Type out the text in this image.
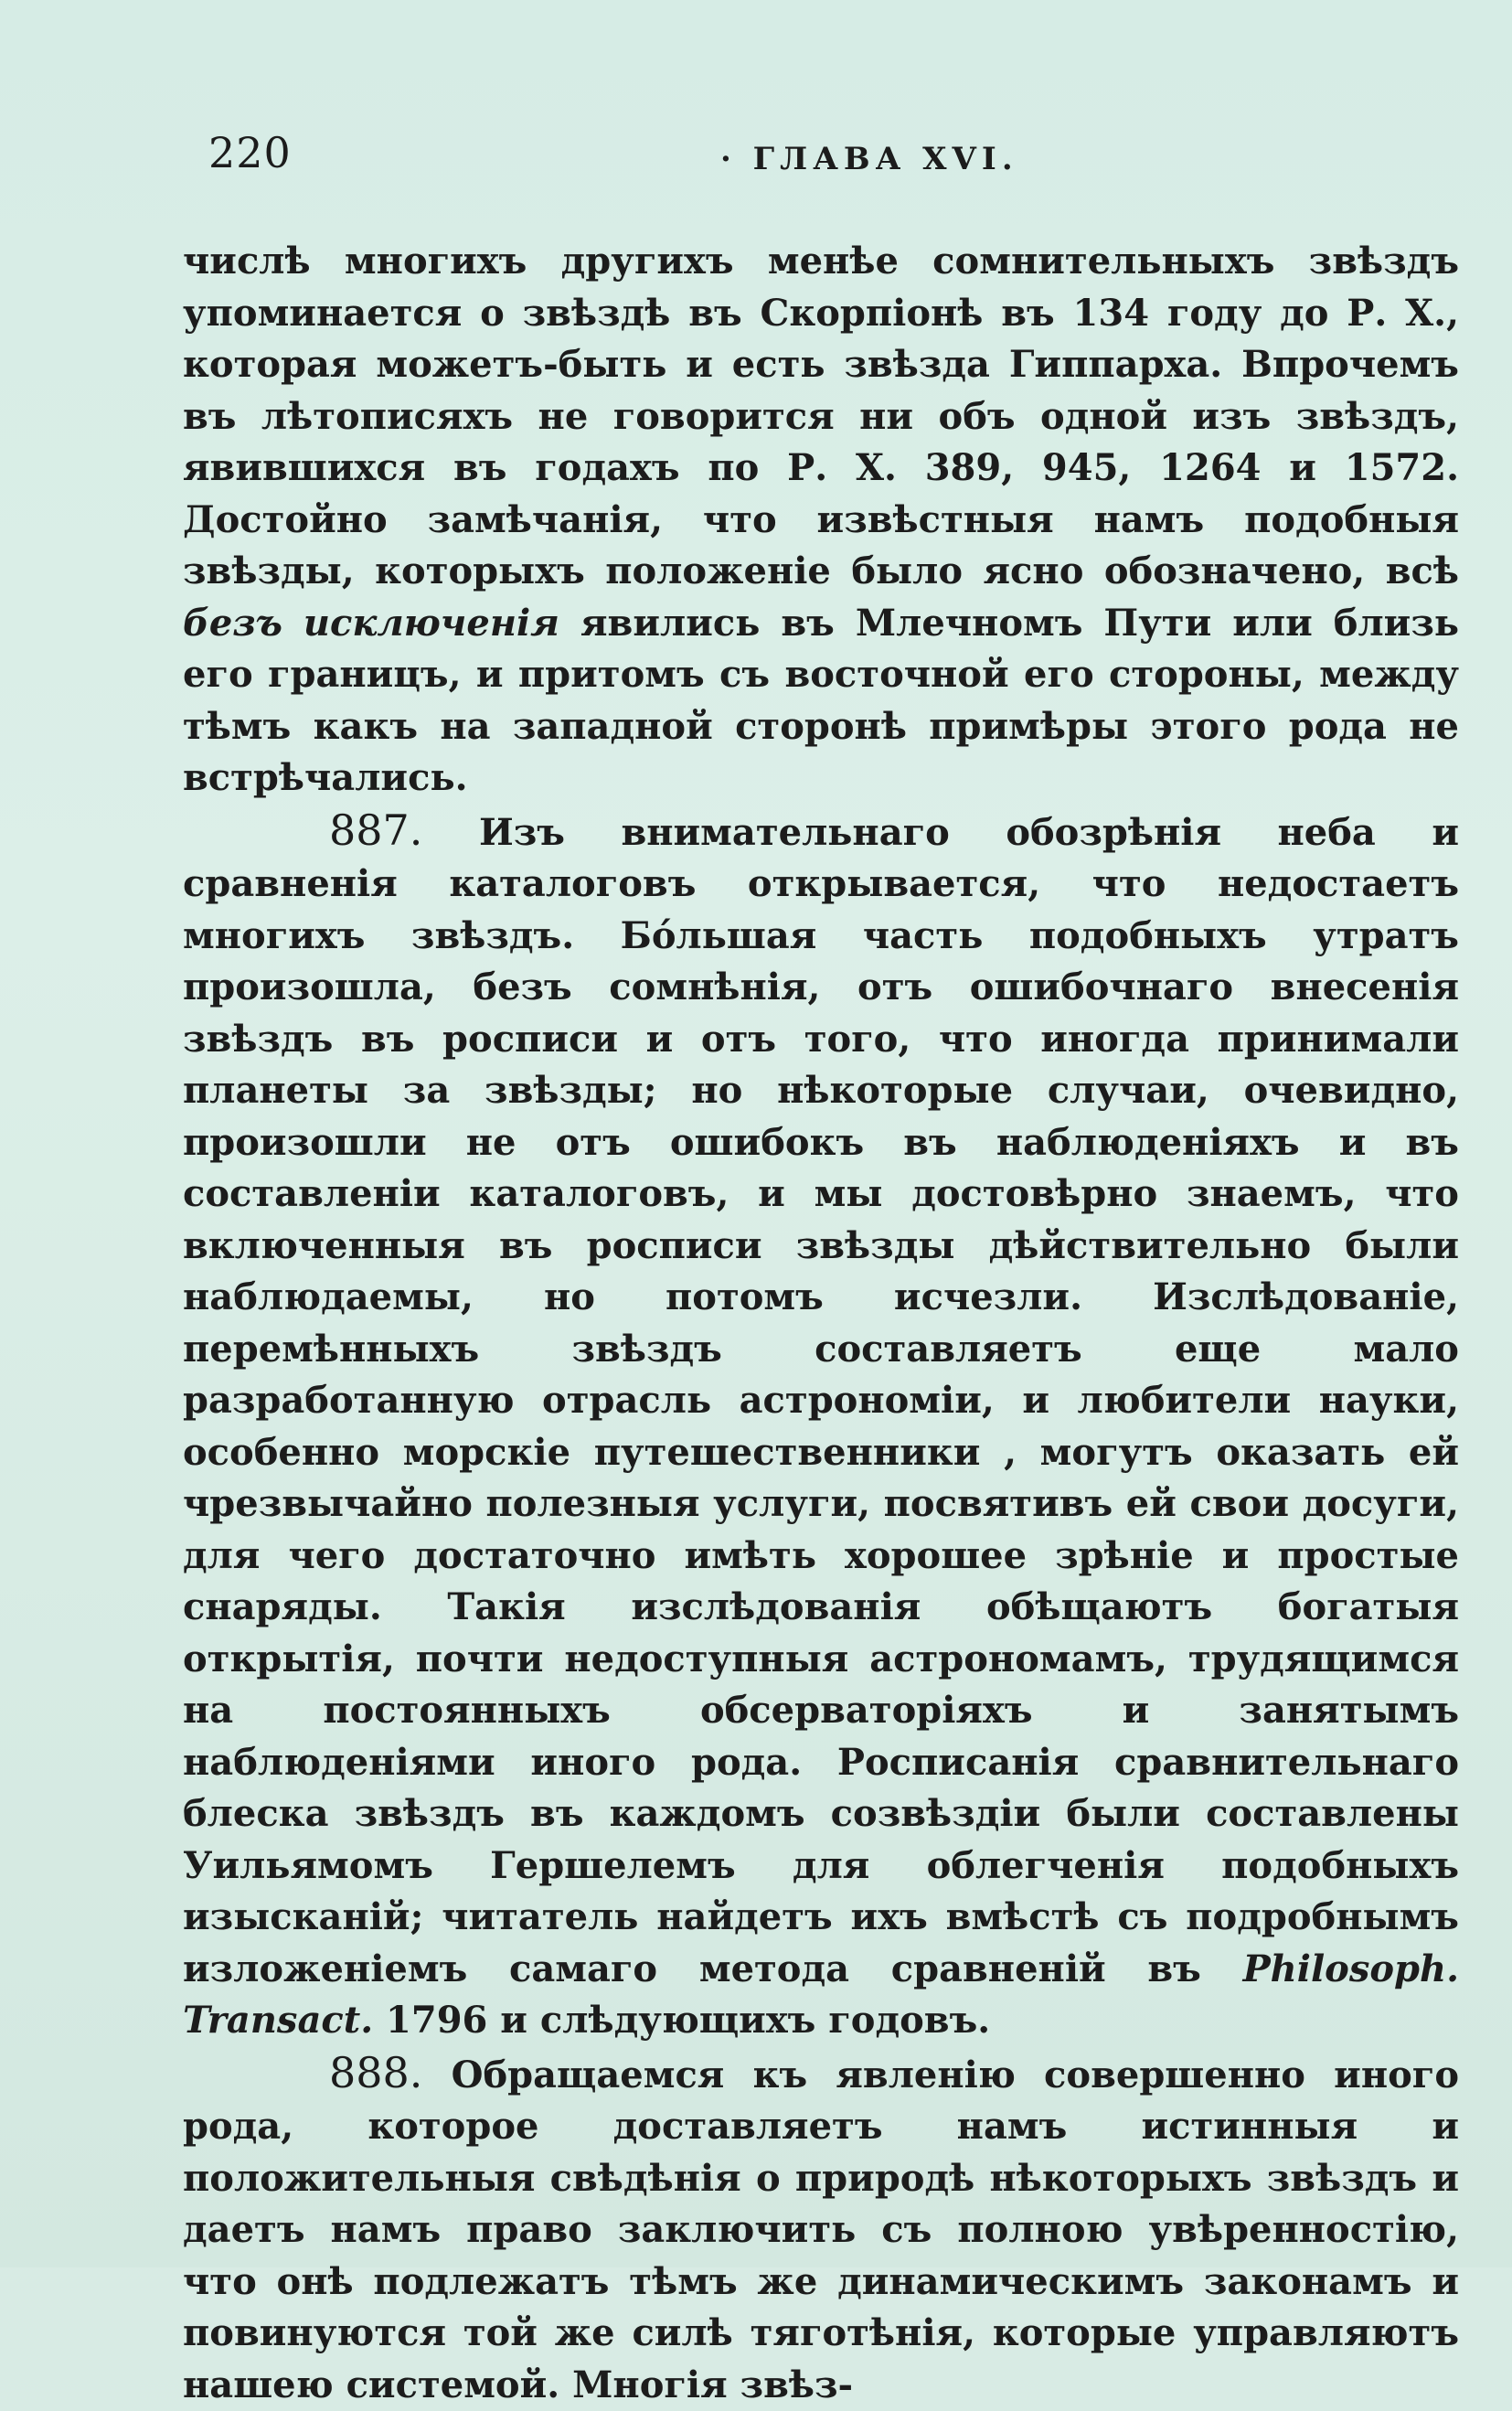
220	· ГЛАВА XVI.

числѣ многихъ другихъ менѣе сомнительныхъ звѣздъ упоминается о звѣздѣ въ Скорпіонѣ въ 134 году до Р. Х., которая можетъ-быть и есть звѣзда Гиппарха. Впрочемъ въ лѣтописяхъ не говорится ни объ одной изъ звѣздъ, явившихся въ годахъ по Р. Х. 389, 945, 1264 и 1572. Достойно замѣчанія, что извѣстныя намъ подобныя звѣзды, которыхъ положеніе было ясно обозначено, всѣ безъ исключенія явились въ Млечномъ Пути или близь его границъ, и притомъ съ восточной его стороны, между тѣмъ какъ на западной сторонѣ примѣры этого рода не встрѣчались.

887. Изъ внимательнаго обозрѣнія неба и сравненія каталоговъ открывается, что недостаетъ многихъ звѣздъ. Бо́льшая часть подобныхъ утратъ произошла, безъ сомнѣнія, отъ ошибочнаго внесенія звѣздъ въ росписи и отъ того, что иногда принимали планеты за звѣзды; но нѣкоторые случаи, очевидно, произошли не отъ ошибокъ въ наблюденіяхъ и въ составленіи каталоговъ, и мы достовѣрно знаемъ, что включенныя въ росписи звѣзды дѣйствительно были наблюдаемы, но потомъ исчезли. Изслѣдованіе, перемѣнныхъ звѣздъ составляетъ еще мало разработанную отрасль астрономіи, и любители науки, особенно морскіе путешественники , могутъ оказать ей чрезвычайно полезныя услуги, посвятивъ ей свои досуги, для чего достаточно имѣть хорошее зрѣніе и простые снаряды. Такія изслѣдованія обѣщаютъ богатыя открытія, почти недоступныя астрономамъ, трудящимся на постоянныхъ обсерваторіяхъ и занятымъ наблюденіями иного рода. Росписанія сравнительнаго блеска звѣздъ въ каждомъ созвѣздіи были составлены Уильямомъ Гершелемъ для облегченія подобныхъ изысканій; читатель найдетъ ихъ вмѣстѣ съ подробнымъ изложеніемъ самаго метода сравненій въ Philosoph. Transact. 1796 и слѣдующихъ годовъ.

888. Обращаемся къ явленію совершенно иного рода, которое доставляетъ намъ истинныя и положительныя свѣдѣнія о природѣ нѣкоторыхъ звѣздъ и даетъ намъ право заключить съ полною увѣренностію, что онѣ подлежатъ тѣмъ же динамическимъ законамъ и повинуются той же силѣ тяготѣнія, которые управляютъ нашею системой. Многія звѣз-
